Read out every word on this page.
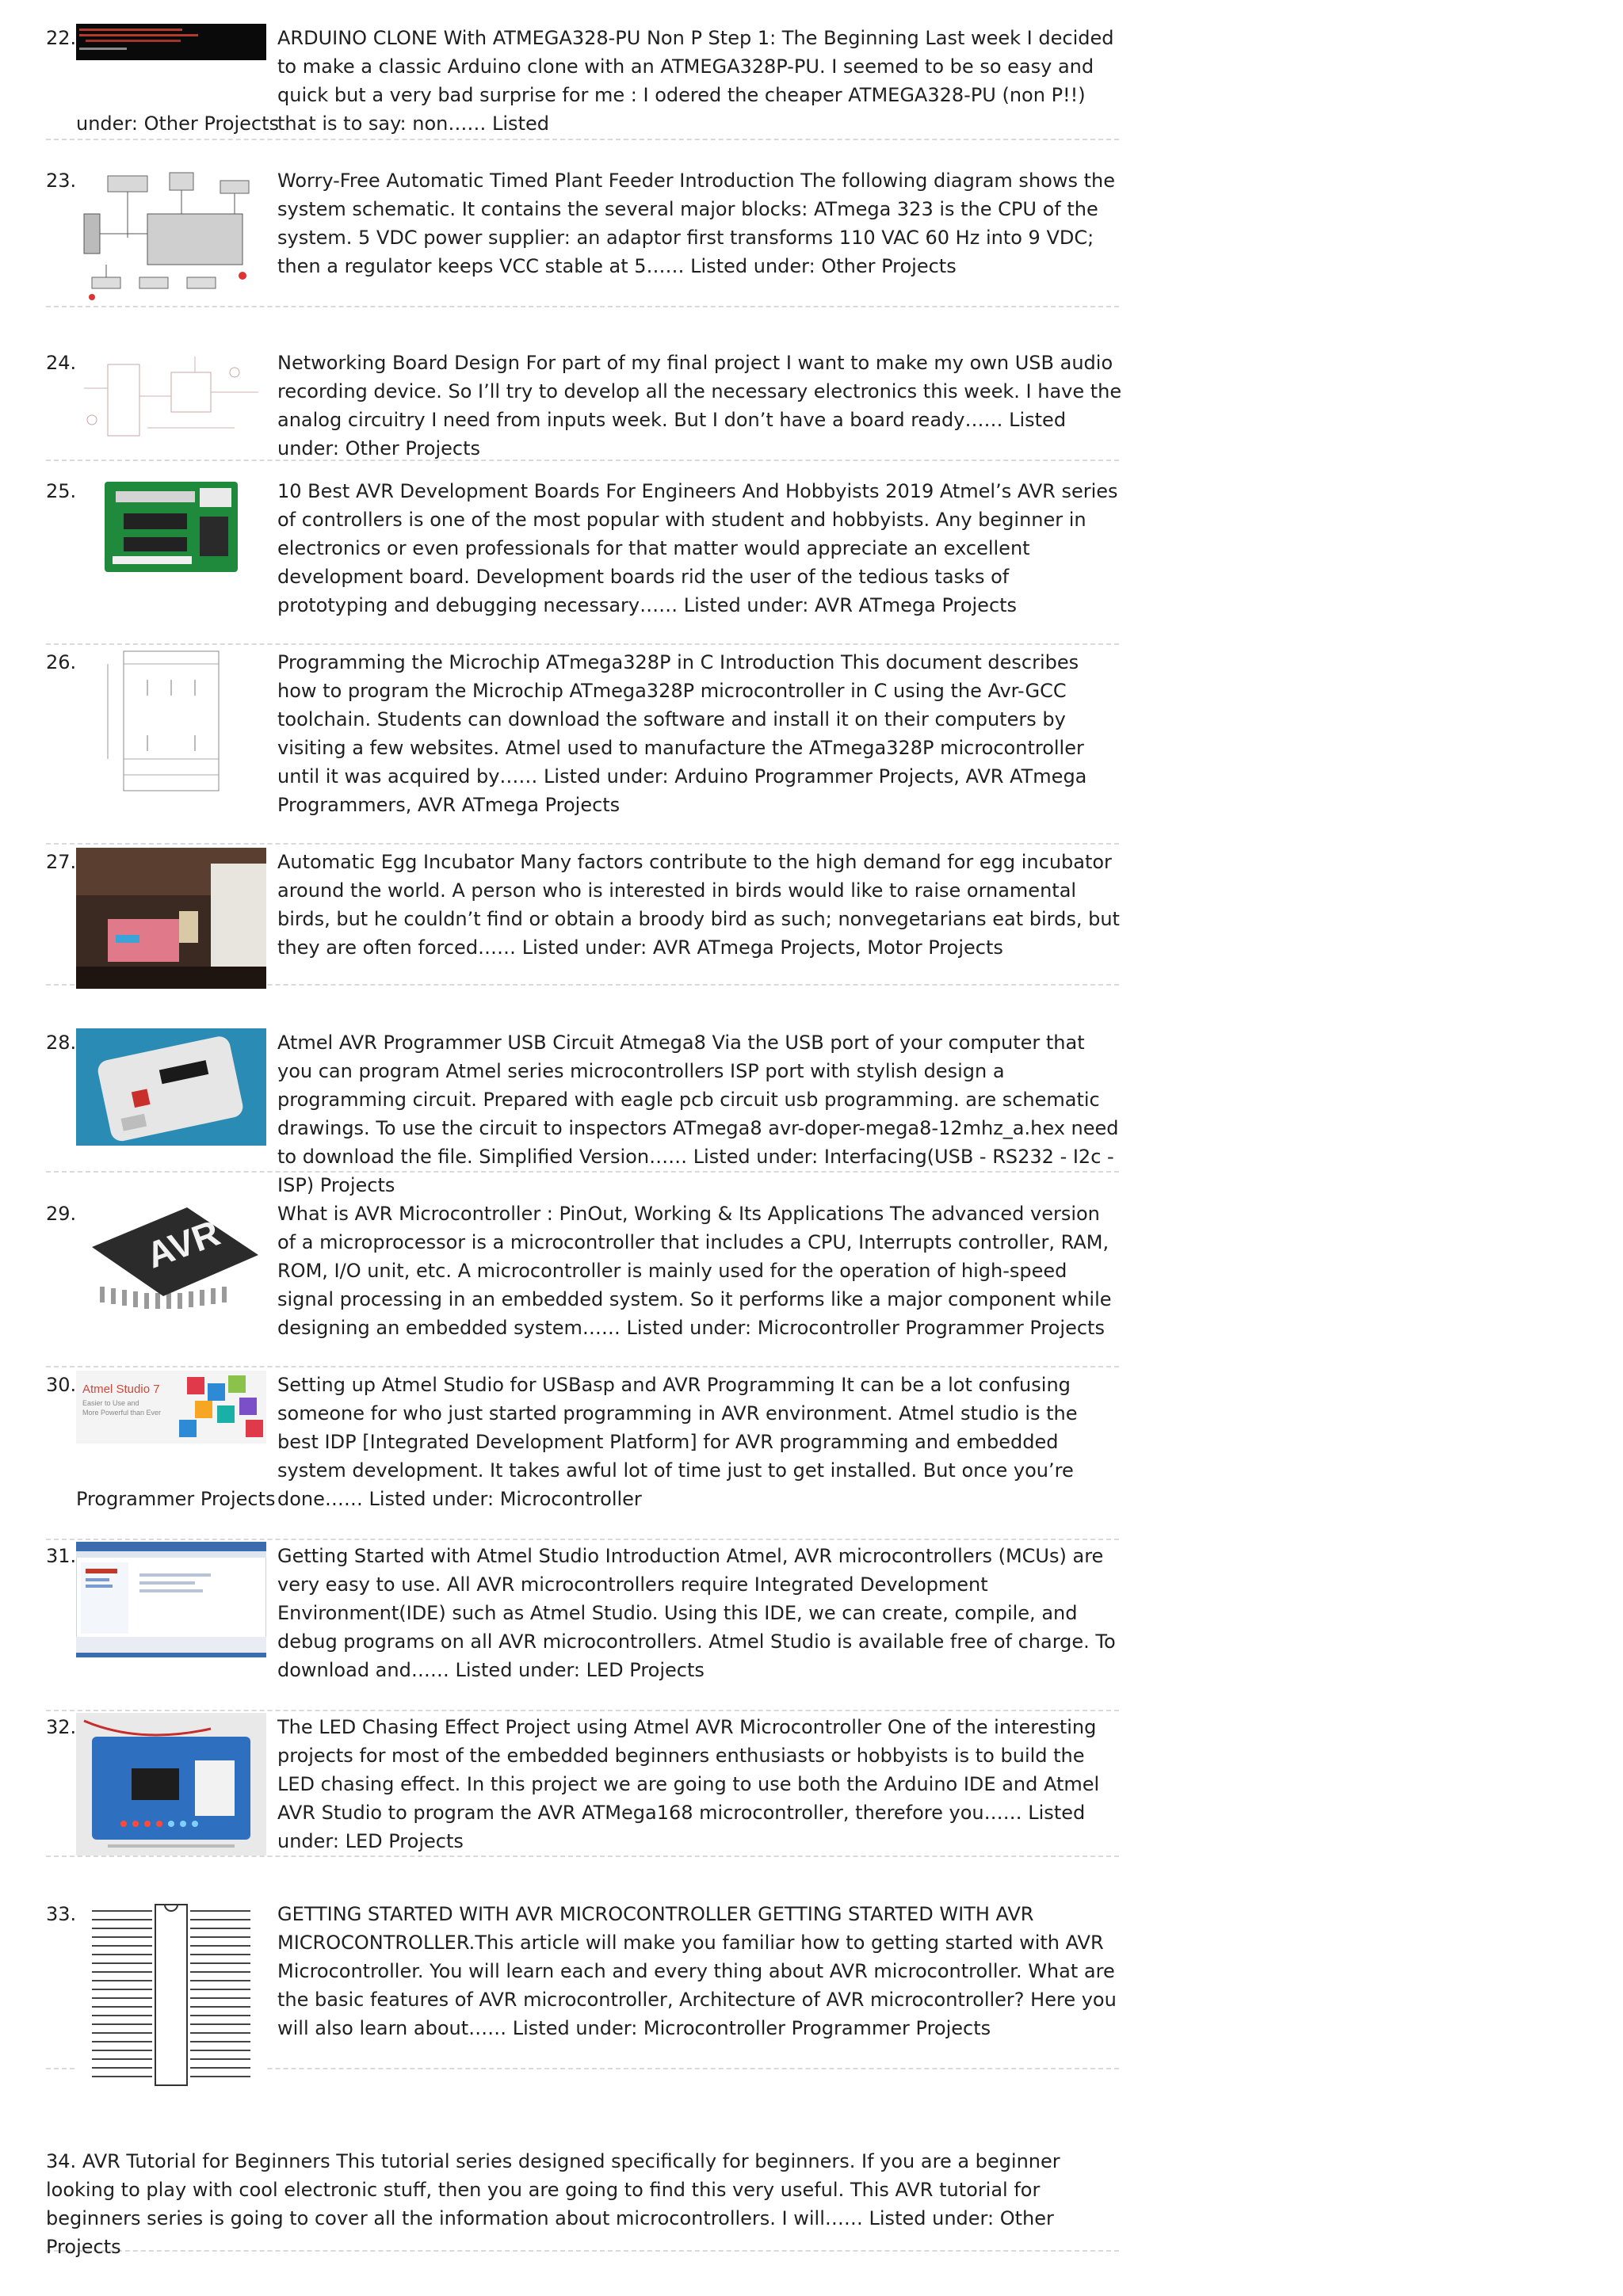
22.	ARDUINO CLONE With ATMEGA328-PU Non P Step 1: The Beginning Last week I decided to make a classic Arduino clone with an ATMEGA328P-PU. I seemed to be so easy and quick but a very bad surprise for me : I odered the cheaper ATMEGA328-PU (non P!!) that is to say: non…… Listed
under: Other Projects
23.	Worry-Free Automatic Timed Plant Feeder Introduction The following diagram shows the system schematic. It contains the several major blocks: ATmega 323 is the CPU of the system. 5 VDC power supplier: an adaptor first transforms 110 VAC 60 Hz into 9 VDC; then a regulator keeps VCC stable at 5…… Listed under: Other Projects
24.	Networking Board Design For part of my final project I want to make my own USB audio recording device. So I’ll try to develop all the necessary electronics this week. I have the analog circuitry I need from inputs week. But I don’t have a board ready…… Listed under: Other Projects
25.	10 Best AVR Development Boards For Engineers And Hobbyists 2019 Atmel’s AVR series of controllers is one of the most popular with student and hobbyists. Any beginner in electronics or even professionals for that matter would appreciate an excellent development board. Development boards rid the user of the tedious tasks of prototyping and debugging necessary…… Listed under: AVR ATmega Projects
26.	Programming the Microchip ATmega328P in C Introduction This document describes how to program the Microchip ATmega328P microcontroller in C using the Avr-GCC toolchain. Students can download the software and install it on their computers by visiting a few websites. Atmel used to manufacture the ATmega328P microcontroller until it was acquired by…… Listed under: Arduino Programmer Projects, AVR ATmega Programmers, AVR ATmega Projects
27.	Automatic Egg Incubator Many factors contribute to the high demand for egg incubator around the world. A person who is interested in birds would like to raise ornamental birds, but he couldn’t find or obtain a broody bird as such; nonvegetarians eat birds, but they are often forced…… Listed under: AVR ATmega Projects, Motor Projects
28.	Atmel AVR Programmer USB Circuit Atmega8 Via the USB port of your computer that you can program Atmel series microcontrollers ISP port with stylish design a programming circuit. Prepared with eagle pcb circuit usb programming. are schematic drawings. To use the circuit to inspectors ATmega8 avr-doper-mega8-12mhz_a.hex need to download the file. Simplified Version…… Listed under: Interfacing(USB - RS232 - I2c -ISP) Projects
29. AVR	What is AVR Microcontroller : PinOut, Working & Its Applications The advanced version of a microprocessor is a microcontroller that includes a CPU, Interrupts controller, RAM, ROM, I/O unit, etc. A microcontroller is mainly used for the operation of high-speed signal processing in an embedded system. So it performs like a major component while designing an embedded system…… Listed under: Microcontroller Programmer Projects
30. Atmel Studio 7
Easier to Use and
More Powerful than Ever
Setting up Atmel Studio for USBasp and AVR Programming It can be a lot confusing someone for who just started programming in AVR environment. Atmel studio is the best IDP [Integrated Development Platform] for AVR programming and embedded system development. It takes awful lot of time just to get installed. But once you’re done…… Listed under: Microcontroller
Programmer Projects
31.	Getting Started with Atmel Studio Introduction Atmel, AVR microcontrollers (MCUs) are very easy to use. All AVR microcontrollers require Integrated Development Environment(IDE) such as Atmel Studio. Using this IDE, we can create, compile, and debug programs on all AVR microcontrollers. Atmel Studio is available free of charge. To download and…… Listed under: LED Projects
32.	The LED Chasing Effect Project using Atmel AVR Microcontroller One of the interesting projects for most of the embedded beginners enthusiasts or hobbyists is to build the LED chasing effect. In this project we are going to use both the Arduino IDE and Atmel AVR Studio to program the AVR ATMega168 microcontroller, therefore you…… Listed under: LED Projects
33.	GETTING STARTED WITH AVR MICROCONTROLLER GETTING STARTED WITH AVR MICROCONTROLLER.This article will make you familiar how to getting started with AVR Microcontroller. You will learn each and every thing about AVR microcontroller. What are the basic features of AVR microcontroller, Architecture of AVR microcontroller? Here you will also learn about…… Listed under: Microcontroller Programmer Projects
34. AVR Tutorial for Beginners This tutorial series designed specifically for beginners. If you are a beginner looking to play with cool electronic stuff, then you are going to find this very useful. This AVR tutorial for beginners series is going to cover all the information about microcontrollers. I will…… Listed under: Other Projects
